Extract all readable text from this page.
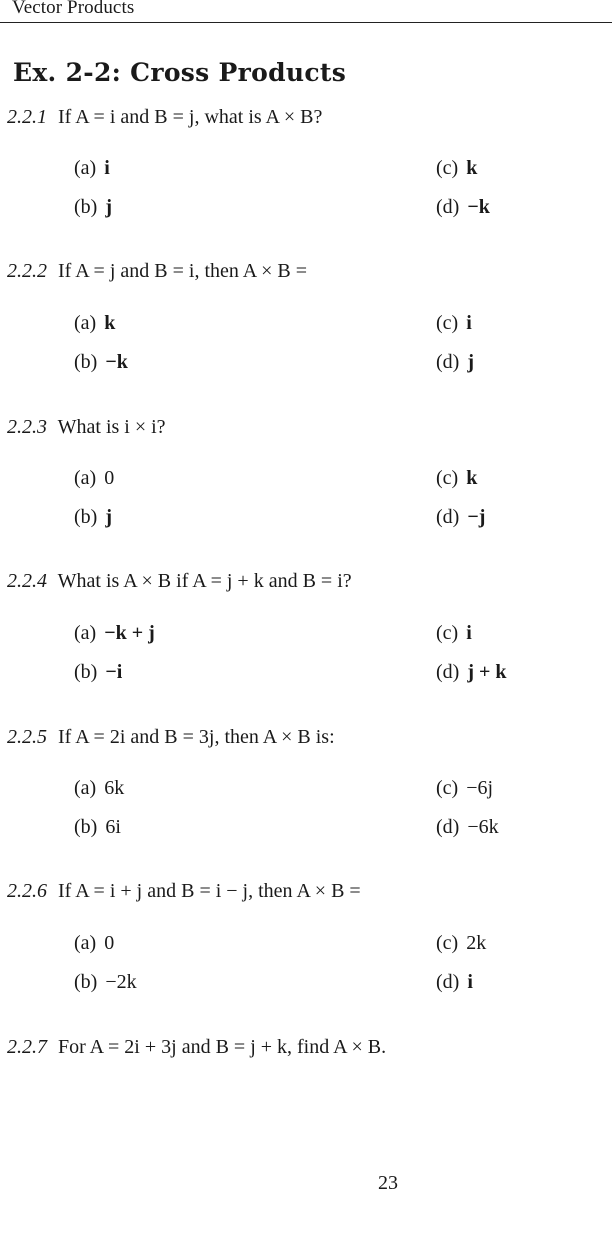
Vector Products
Ex. 2-2: Cross Products
2.2.1 If A = i and B = j, what is A × B?
(a) i
(b) j
(c) k
(d) −k
2.2.2 If A = j and B = i, then A × B =
(a) k
(b) −k
(c) i
(d) j
2.2.3 What is i × i?
(a) 0
(b) j
(c) k
(d) −j
2.2.4 What is A × B if A = j + k and B = i?
(a) −k + j
(b) −i
(c) i
(d) j + k
2.2.5 If A = 2i and B = 3j, then A × B is:
(a) 6k
(b) 6i
(c) −6j
(d) −6k
2.2.6 If A = i + j and B = i − j, then A × B =
(a) 0
(b) −2k
(c) 2k
(d) i
2.2.7 For A = 2i + 3j and B = j + k, find A × B.
23
